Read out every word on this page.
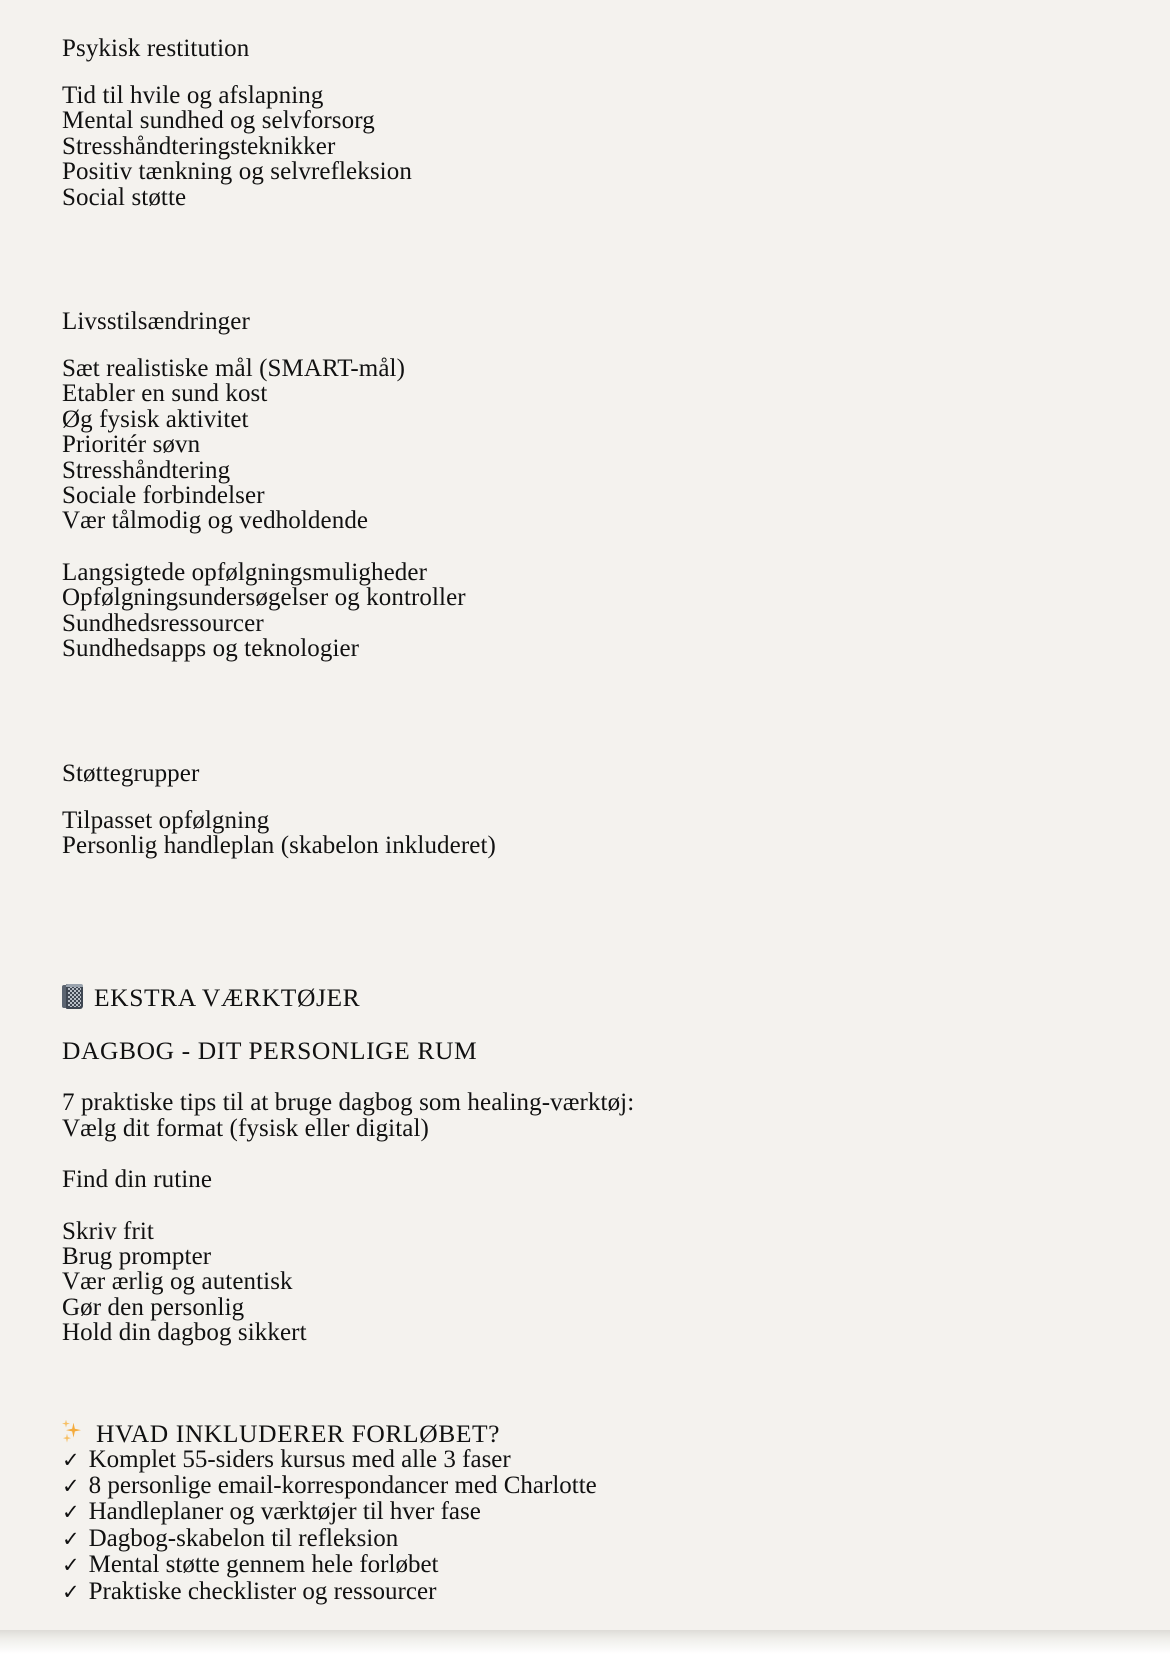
Psykisk restitution
Tid til hvile og afslapning
Mental sundhed og selvforsorg
Stresshåndteringsteknikker
Positiv tænkning og selvrefleksion
Social støtte
Livsstilsændringer
Sæt realistiske mål (SMART-mål)
Etabler en sund kost
Øg fysisk aktivitet
Prioritér søvn
Stresshåndtering
Sociale forbindelser
Vær tålmodig og vedholdende
Langsigtede opfølgningsmuligheder
Opfølgningsundersøgelser og kontroller
Sundhedsressourcer
Sundhedsapps og teknologier
Støttegrupper
Tilpasset opfølgning
Personlig handleplan (skabelon inkluderet)

EKSTRA VÆRKTØJER
DAGBOG - DIT PERSONLIGE RUM
7 praktiske tips til at bruge dagbog som healing-værktøj:
Vælg dit format (fysisk eller digital)
Find din rutine
Skriv frit
Brug prompter
Vær ærlig og autentisk
Gør den personlig
Hold din dagbog sikkert

HVAD INKLUDERER FORLØBET?
✓ Komplet 55-siders kursus med alle 3 faser
✓ 8 personlige email-korrespondancer med Charlotte
✓ Handleplaner og værktøjer til hver fase
✓ Dagbog-skabelon til refleksion
✓ Mental støtte gennem hele forløbet
✓ Praktiske checklister og ressourcer
